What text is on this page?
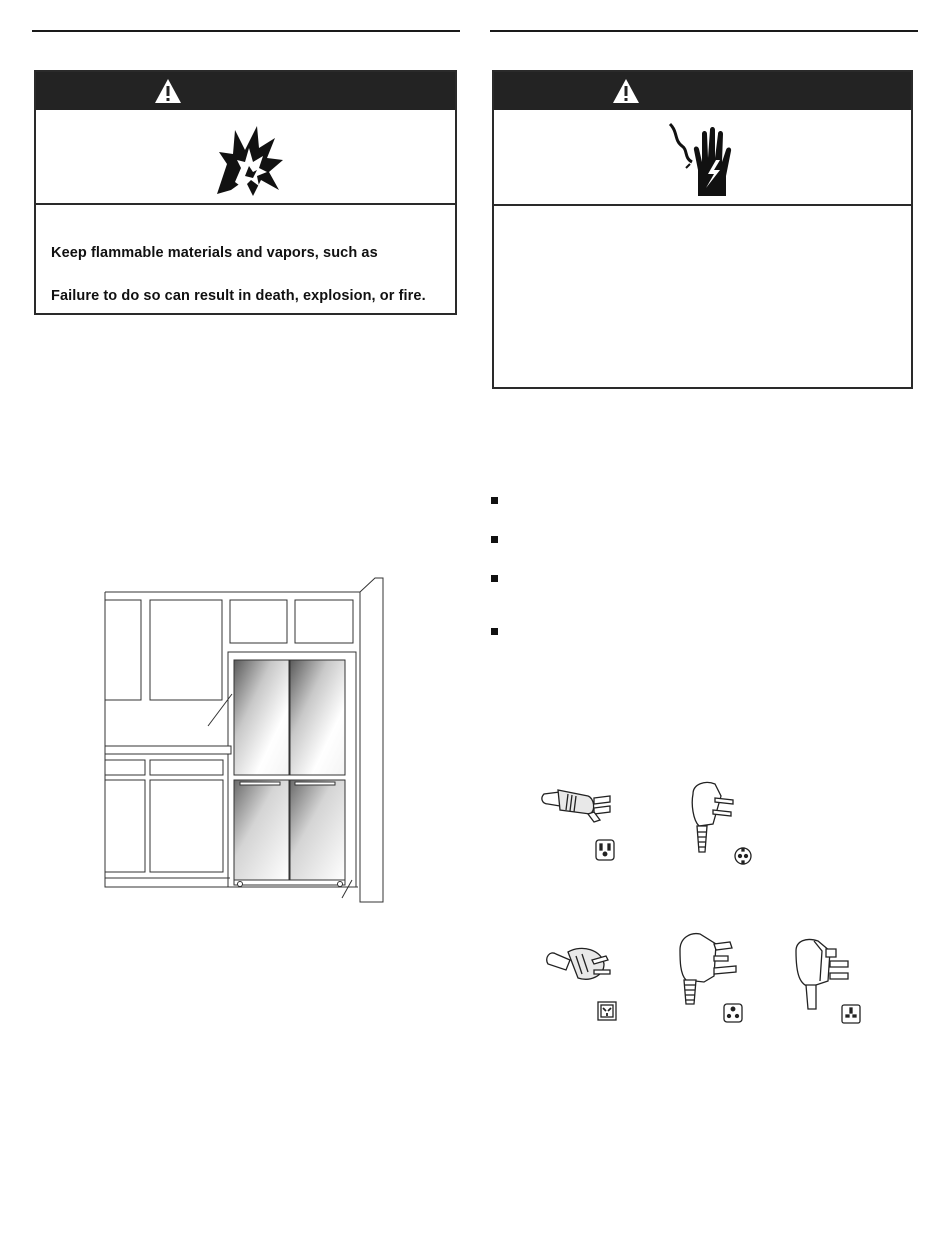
Keep flammable materials and vapors, such as
Failure to do so can result in death, explosion, or fire.
